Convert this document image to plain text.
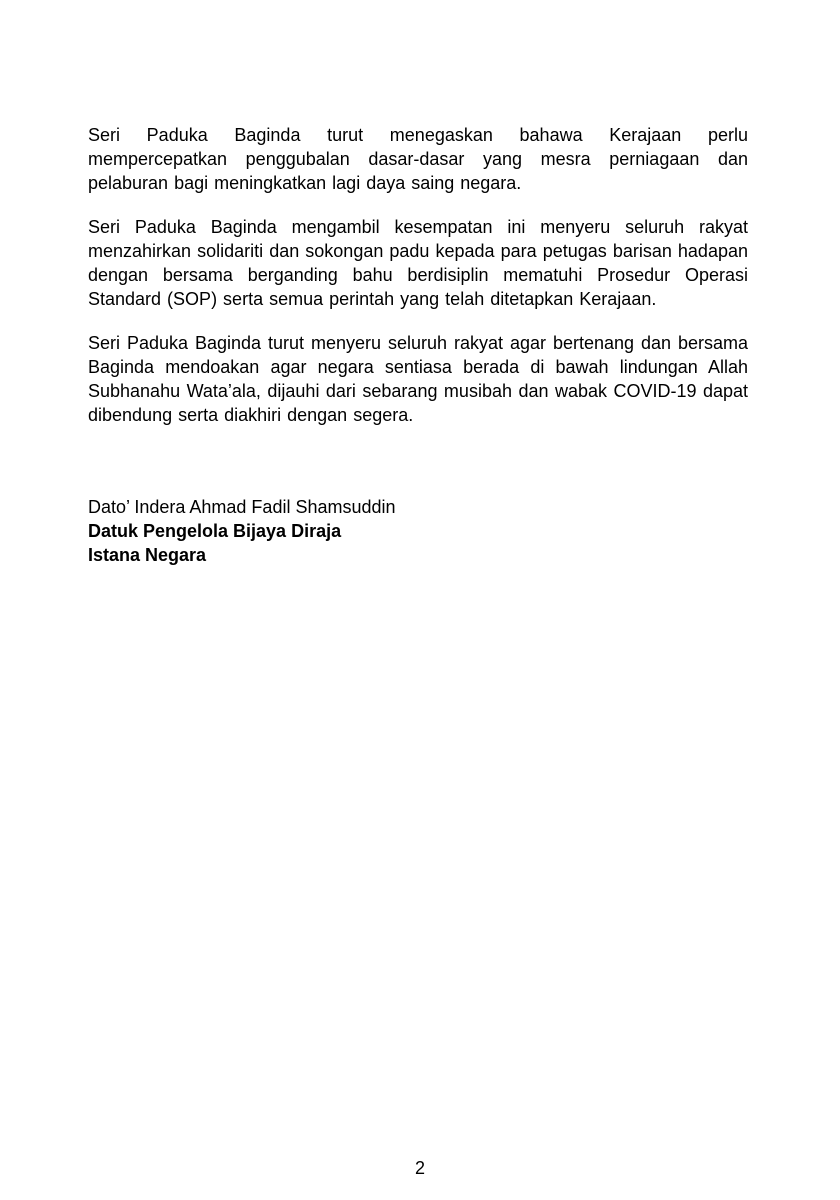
Seri Paduka Baginda turut menegaskan bahawa Kerajaan perlu mempercepatkan penggubalan dasar-dasar yang mesra perniagaan dan pelaburan bagi meningkatkan lagi daya saing negara.

Seri Paduka Baginda mengambil kesempatan ini menyeru seluruh rakyat menzahirkan solidariti dan sokongan padu kepada para petugas barisan hadapan dengan bersama berganding bahu berdisiplin mematuhi Prosedur Operasi Standard (SOP) serta semua perintah yang telah ditetapkan Kerajaan.

Seri Paduka Baginda turut menyeru seluruh rakyat agar bertenang dan bersama Baginda mendoakan agar negara sentiasa berada di bawah lindungan Allah Subhanahu Wata’ala, dijauhi dari sebarang musibah dan wabak COVID-19 dapat dibendung serta diakhiri dengan segera.

Dato’ Indera Ahmad Fadil Shamsuddin
Datuk Pengelola Bijaya Diraja
Istana Negara
2
